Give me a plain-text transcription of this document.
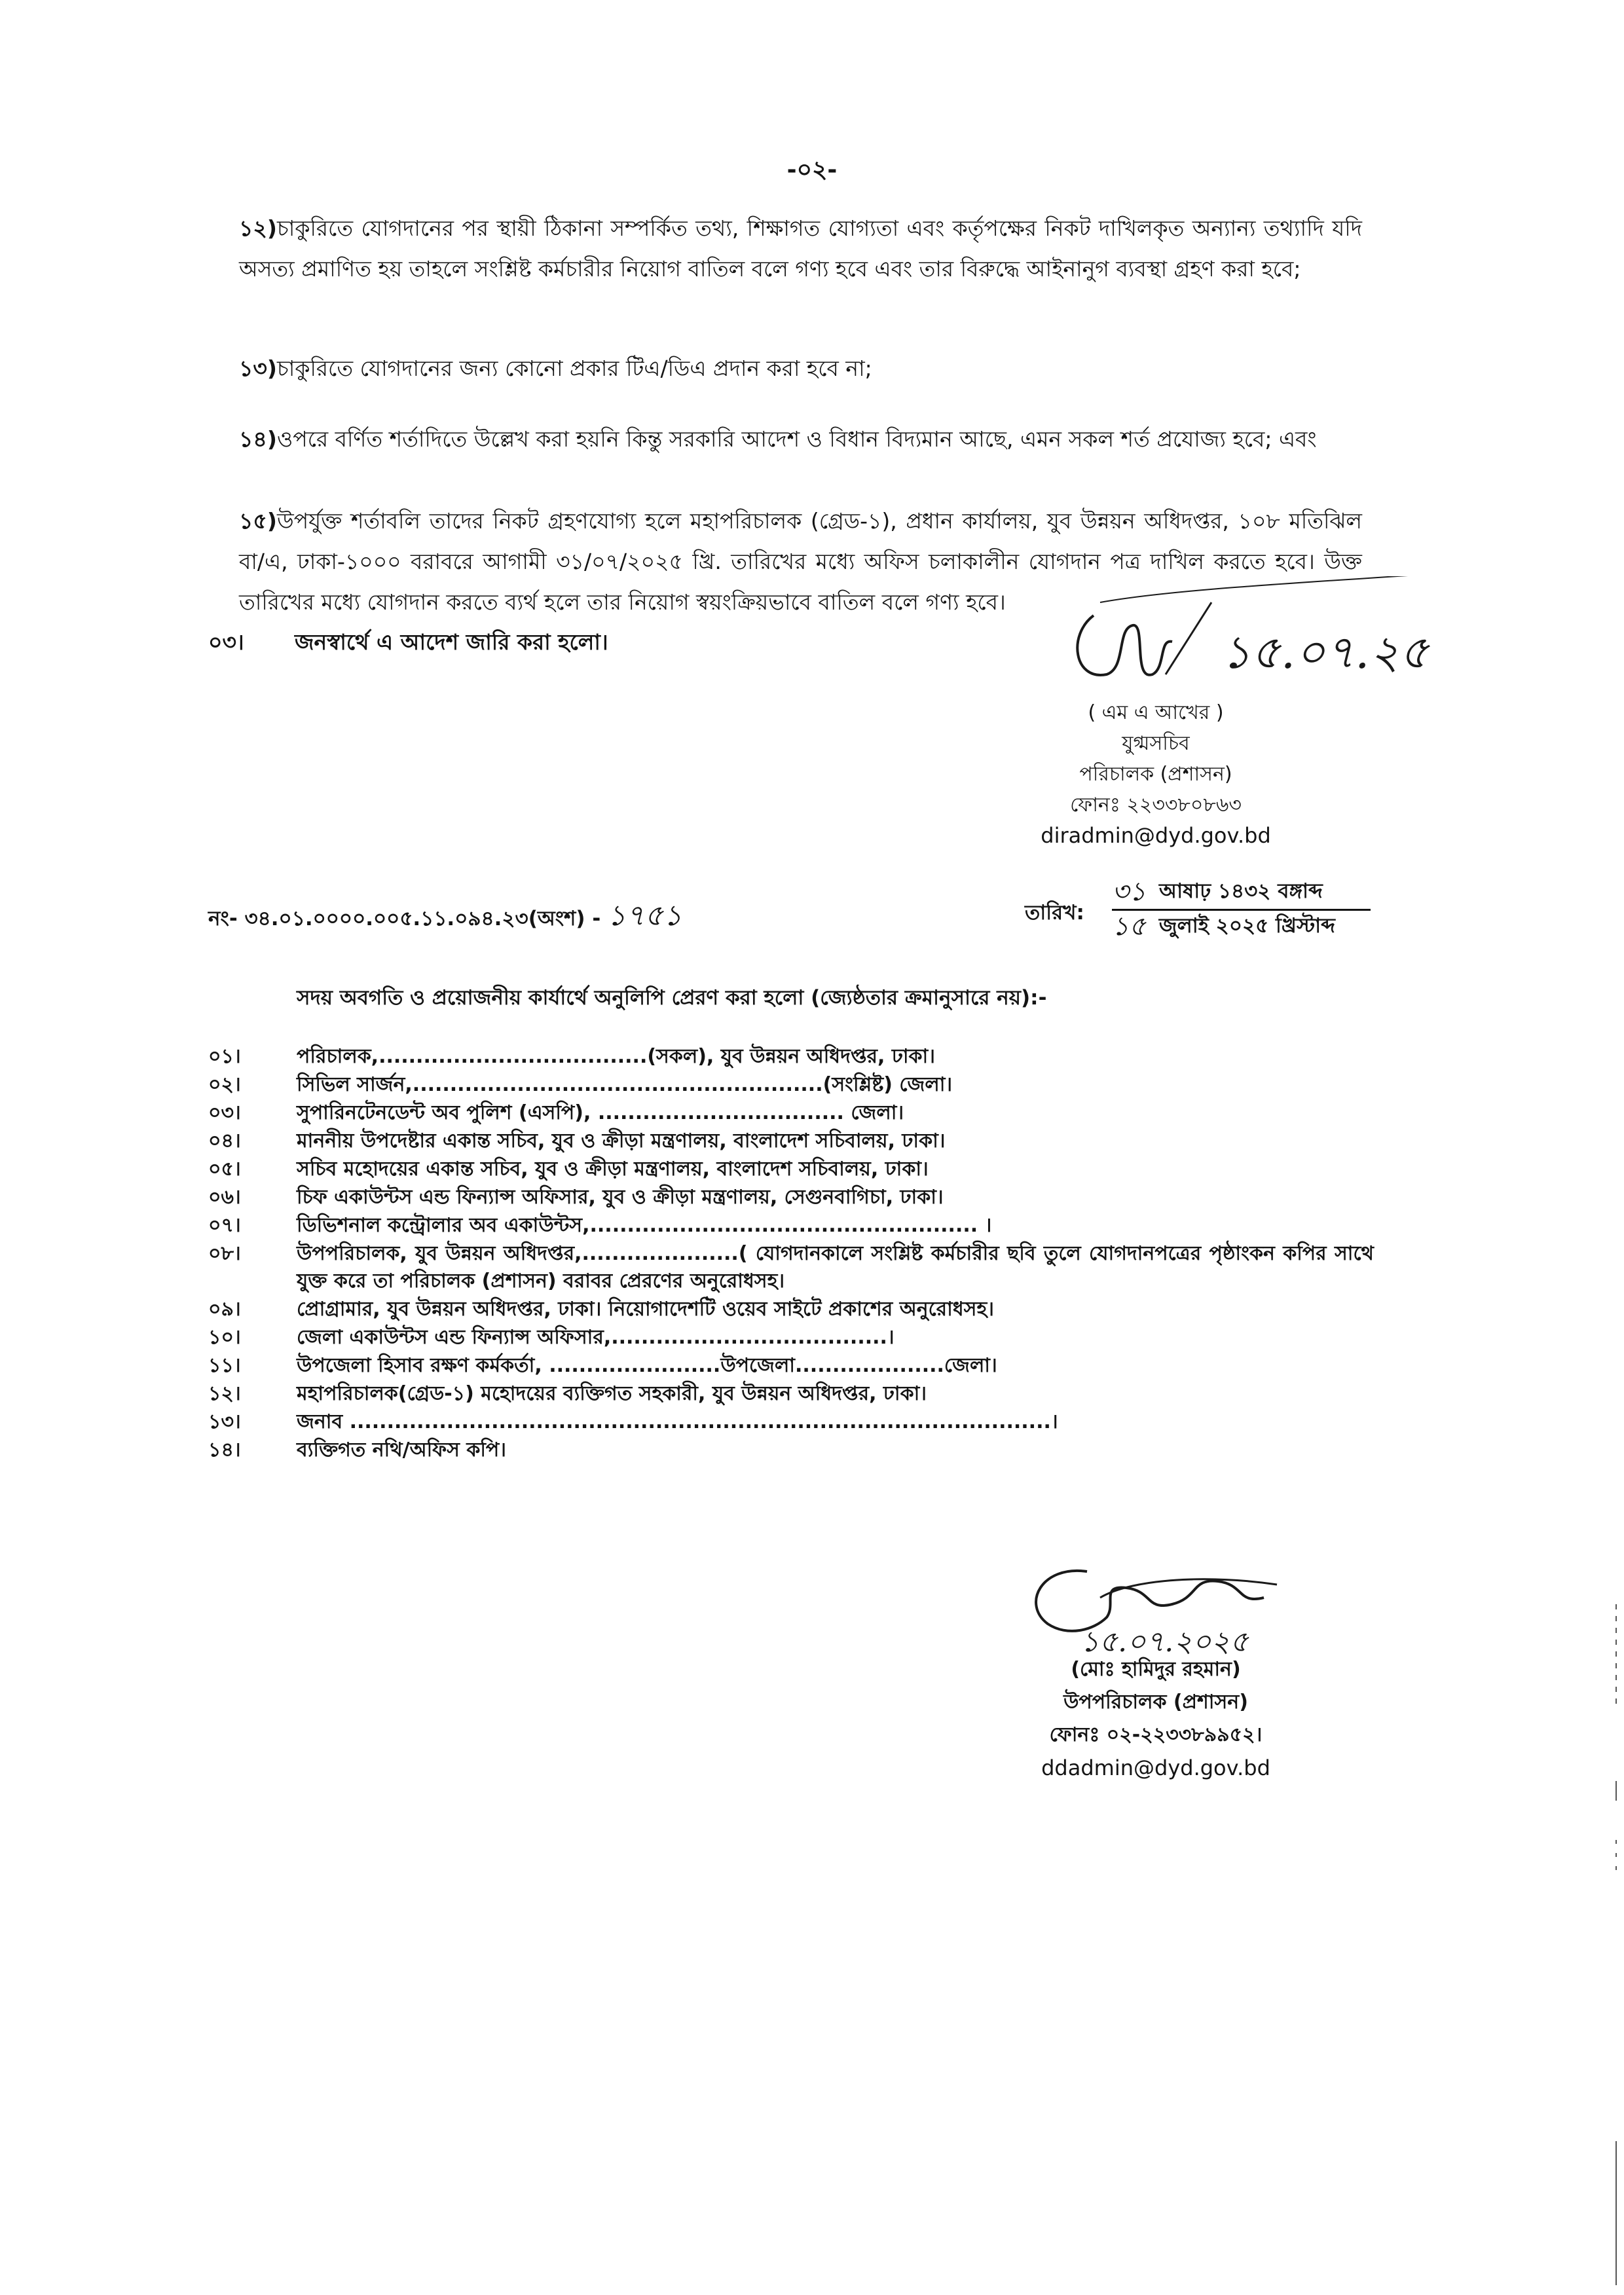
-০২-
১২)চাকুরিতে যোগদানের পর স্থায়ী ঠিকানা সম্পর্কিত তথ্য, শিক্ষাগত যোগ্যতা এবং কর্তৃপক্ষের নিকট দাখিলকৃত অন্যান্য তথ্যাদি যদি অসত্য প্রমাণিত হয় তাহলে সংশ্লিষ্ট কর্মচারীর নিয়োগ বাতিল বলে গণ্য হবে এবং তার বিরুদ্ধে আইনানুগ ব্যবস্থা গ্রহণ করা হবে;
১৩)চাকুরিতে যোগদানের জন্য কোনো প্রকার টিএ/ডিএ প্রদান করা হবে না;
১৪)ওপরে বর্ণিত শর্তাদিতে উল্লেখ করা হয়নি কিন্তু সরকারি আদেশ ও বিধান বিদ্যমান আছে, এমন সকল শর্ত প্রযোজ্য হবে; এবং
১৫)উপর্যুক্ত শর্তাবলি তাদের নিকট গ্রহণযোগ্য হলে মহাপরিচালক (গ্রেড-১), প্রধান কার্যালয়, যুব উন্নয়ন অধিদপ্তর, ১০৮ মতিঝিল বা/এ, ঢাকা-১০০০ বরাবরে আগামী ৩১/০৭/২০২৫ খ্রি. তারিখের মধ্যে অফিস চলাকালীন যোগদান পত্র দাখিল করতে হবে। উক্ত তারিখের মধ্যে যোগদান করতে ব্যর্থ হলে তার নিয়োগ স্বয়ংক্রিয়ভাবে বাতিল বলে গণ্য হবে।
০৩। জনস্বার্থে এ আদেশ জারি করা হলো।	১৫.০৭.২৫
( এম এ আখের )
যুগ্মসচিব
পরিচালক (প্রশাসন)
ফোনঃ ২২৩৩৮০৮৬৩
diradmin@dyd.gov.bd
নং- ৩৪.০১.০০০০.০০৫.১১.০৯৪.২৩(অংশ) - ১৭৫১	তারিখ:
৩১ আষাঢ় ১৪৩২ বঙ্গাব্দ
১৫ জুলাই ২০২৫ খ্রিস্টাব্দ
সদয় অবগতি ও প্রয়োজনীয় কার্যার্থে অনুলিপি প্রেরণ করা হলো (জ্যেষ্ঠতার ক্রমানুসারে নয়):-
০১।	পরিচালক,....................................(সকল), যুব উন্নয়ন অধিদপ্তর, ঢাকা।
০২।	সিভিল সার্জন,.......................................................(সংশ্লিষ্ট) জেলা।
০৩।	সুপারিনটেনডেন্ট অব পুলিশ (এসপি), ................................. জেলা।
০৪।	মাননীয় উপদেষ্টার একান্ত সচিব, যুব ও ক্রীড়া মন্ত্রণালয়, বাংলাদেশ সচিবালয়, ঢাকা।
০৫।	সচিব মহোদয়ের একান্ত সচিব, যুব ও ক্রীড়া মন্ত্রণালয়, বাংলাদেশ সচিবালয়, ঢাকা।
০৬।	চিফ একাউন্টস এন্ড ফিন্যান্স অফিসার, যুব ও ক্রীড়া মন্ত্রণালয়, সেগুনবাগিচা, ঢাকা।
০৭।	ডিভিশনাল কন্ট্রোলার অব একাউন্টস,.................................................... ।
০৮।	উপপরিচালক, যুব উন্নয়ন অধিদপ্তর,.....................( যোগদানকালে সংশ্লিষ্ট কর্মচারীর ছবি তুলে যোগদানপত্রের পৃষ্ঠাংকন কপির সাথে যুক্ত করে তা পরিচালক (প্রশাসন) বরাবর প্রেরণের অনুরোধসহ।
০৯।	প্রোগ্রামার, যুব উন্নয়ন অধিদপ্তর, ঢাকা। নিয়োগাদেশটি ওয়েব সাইটে প্রকাশের অনুরোধসহ।
১০।	জেলা একাউন্টস এন্ড ফিন্যান্স অফিসার,.....................................।
১১।	উপজেলা হিসাব রক্ষণ কর্মকর্তা, .......................উপজেলা....................জেলা।
১২।	মহাপরিচালক(গ্রেড-১) মহোদয়ের ব্যক্তিগত সহকারী, যুব উন্নয়ন অধিদপ্তর, ঢাকা।
১৩।	জনাব ..............................................................................................।
১৪।	ব্যক্তিগত নথি/অফিস কপি।
১৫.০৭.২০২৫
(মোঃ হামিদুর রহমান)
উপপরিচালক (প্রশাসন)
ফোনঃ ০২-২২৩৩৮৯৯৫২।
ddadmin@dyd.gov.bd
